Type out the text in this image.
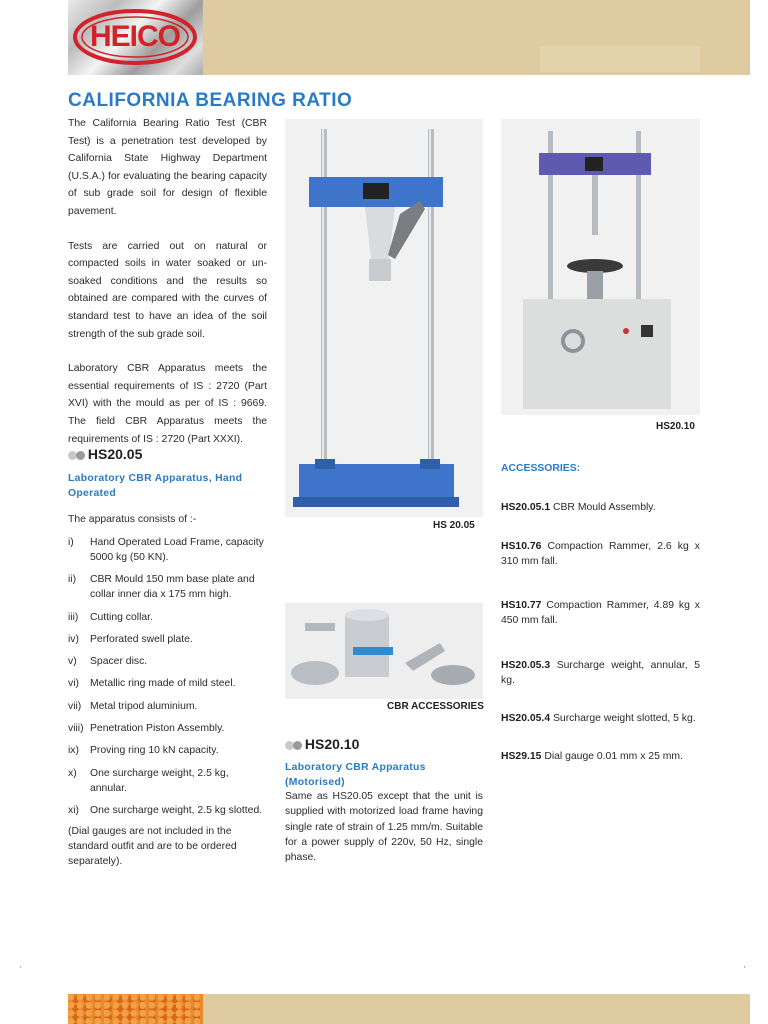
HEICO
CALIFORNIA BEARING RATIO

The California Bearing Ratio Test (CBR Test) is a penetration test developed by California State Highway Department (U.S.A.) for evaluating the bearing capacity of sub grade soil for design of flexible pavement.

Tests are carried out on natural or compacted soils in water soaked or un-soaked conditions and the results so obtained are compared with the curves of standard test to have an idea of the soil strength of the sub grade soil.

Laboratory CBR Apparatus meets the essential requirements of IS : 2720 (Part XVI) with the mould as per of IS : 9669. The field CBR Apparatus meets the requirements of IS : 2720 (Part XXXI).

HS20.05
Laboratory CBR Apparatus, Hand Operated
The apparatus consists of :-
i)	Hand Operated Load Frame, capacity 5000 kg (50 KN).
ii)	CBR Mould 150 mm base plate and collar inner dia x 175 mm high.
iii)	Cutting collar.
iv)	Perforated swell plate.
v)	Spacer disc.
vi)	Metallic ring made of mild steel.
vii) Metal tripod aluminium.
viii) Penetration Piston Assembly.
ix)	Proving ring 10 kN capacity.
x)	One surcharge weight, 2.5 kg, annular.
xi)	One surcharge weight, 2.5 kg slotted.
(Dial gauges are not included in the standard outfit and are to be ordered separately).
HS 20.05
CBR ACCESSORIES
HS20.10
Laboratory CBR Apparatus (Motorised)
Same as HS20.05 except that the unit is supplied with motorized load frame having single rate of strain of 1.25 mm/m. Suitable for a power supply of 220v, 50 Hz, single phase.
HS20.10
ACCESSORIES:
HS20.05.1 CBR Mould Assembly.
HS10.76 Compaction Rammer, 2.6 kg x 310 mm fall.
HS10.77 Compaction Rammer, 4.89 kg x 450 mm fall.
HS20.05.3 Surcharge weight, annular, 5 kg.
HS20.05.4 Surcharge weight slotted, 5 kg.
HS29.15 Dial gauge 0.01 mm x 25 mm.
'	'
